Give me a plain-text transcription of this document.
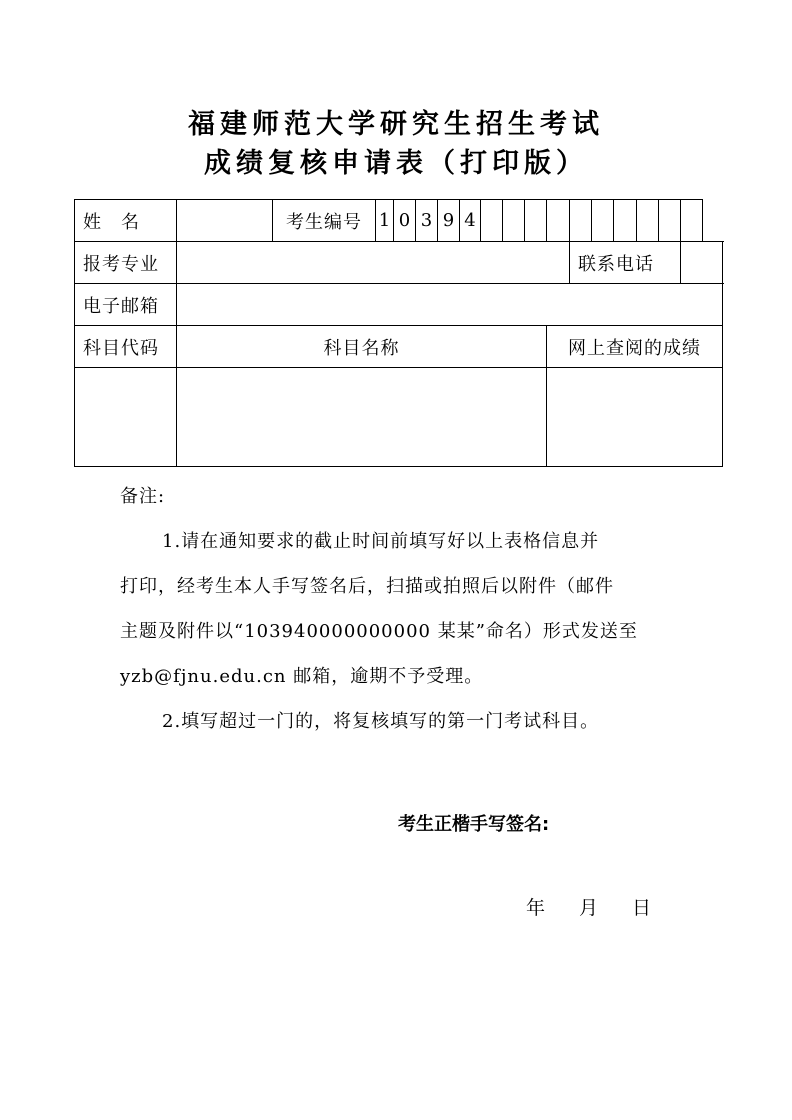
福建师范大学研究生招生考试
成绩复核申请表（打印版）
姓　名		考生编号	1	0	3	9	4										
报考专业												联系电话					
电子邮箱																	
科目代码	科目名称										网上查阅的成绩						

备注:

1.请在通知要求的截止时间前填写好以上表格信息并

打印，经考生本人手写签名后，扫描或拍照后以附件（邮件

主题及附件以“103940000000000 某某”命名）形式发送至

yzb@fjnu.edu.cn 邮箱，逾期不予受理。

2.填写超过一门的，将复核填写的第一门考试科目。

考生正楷手写签名:
年 月 日
